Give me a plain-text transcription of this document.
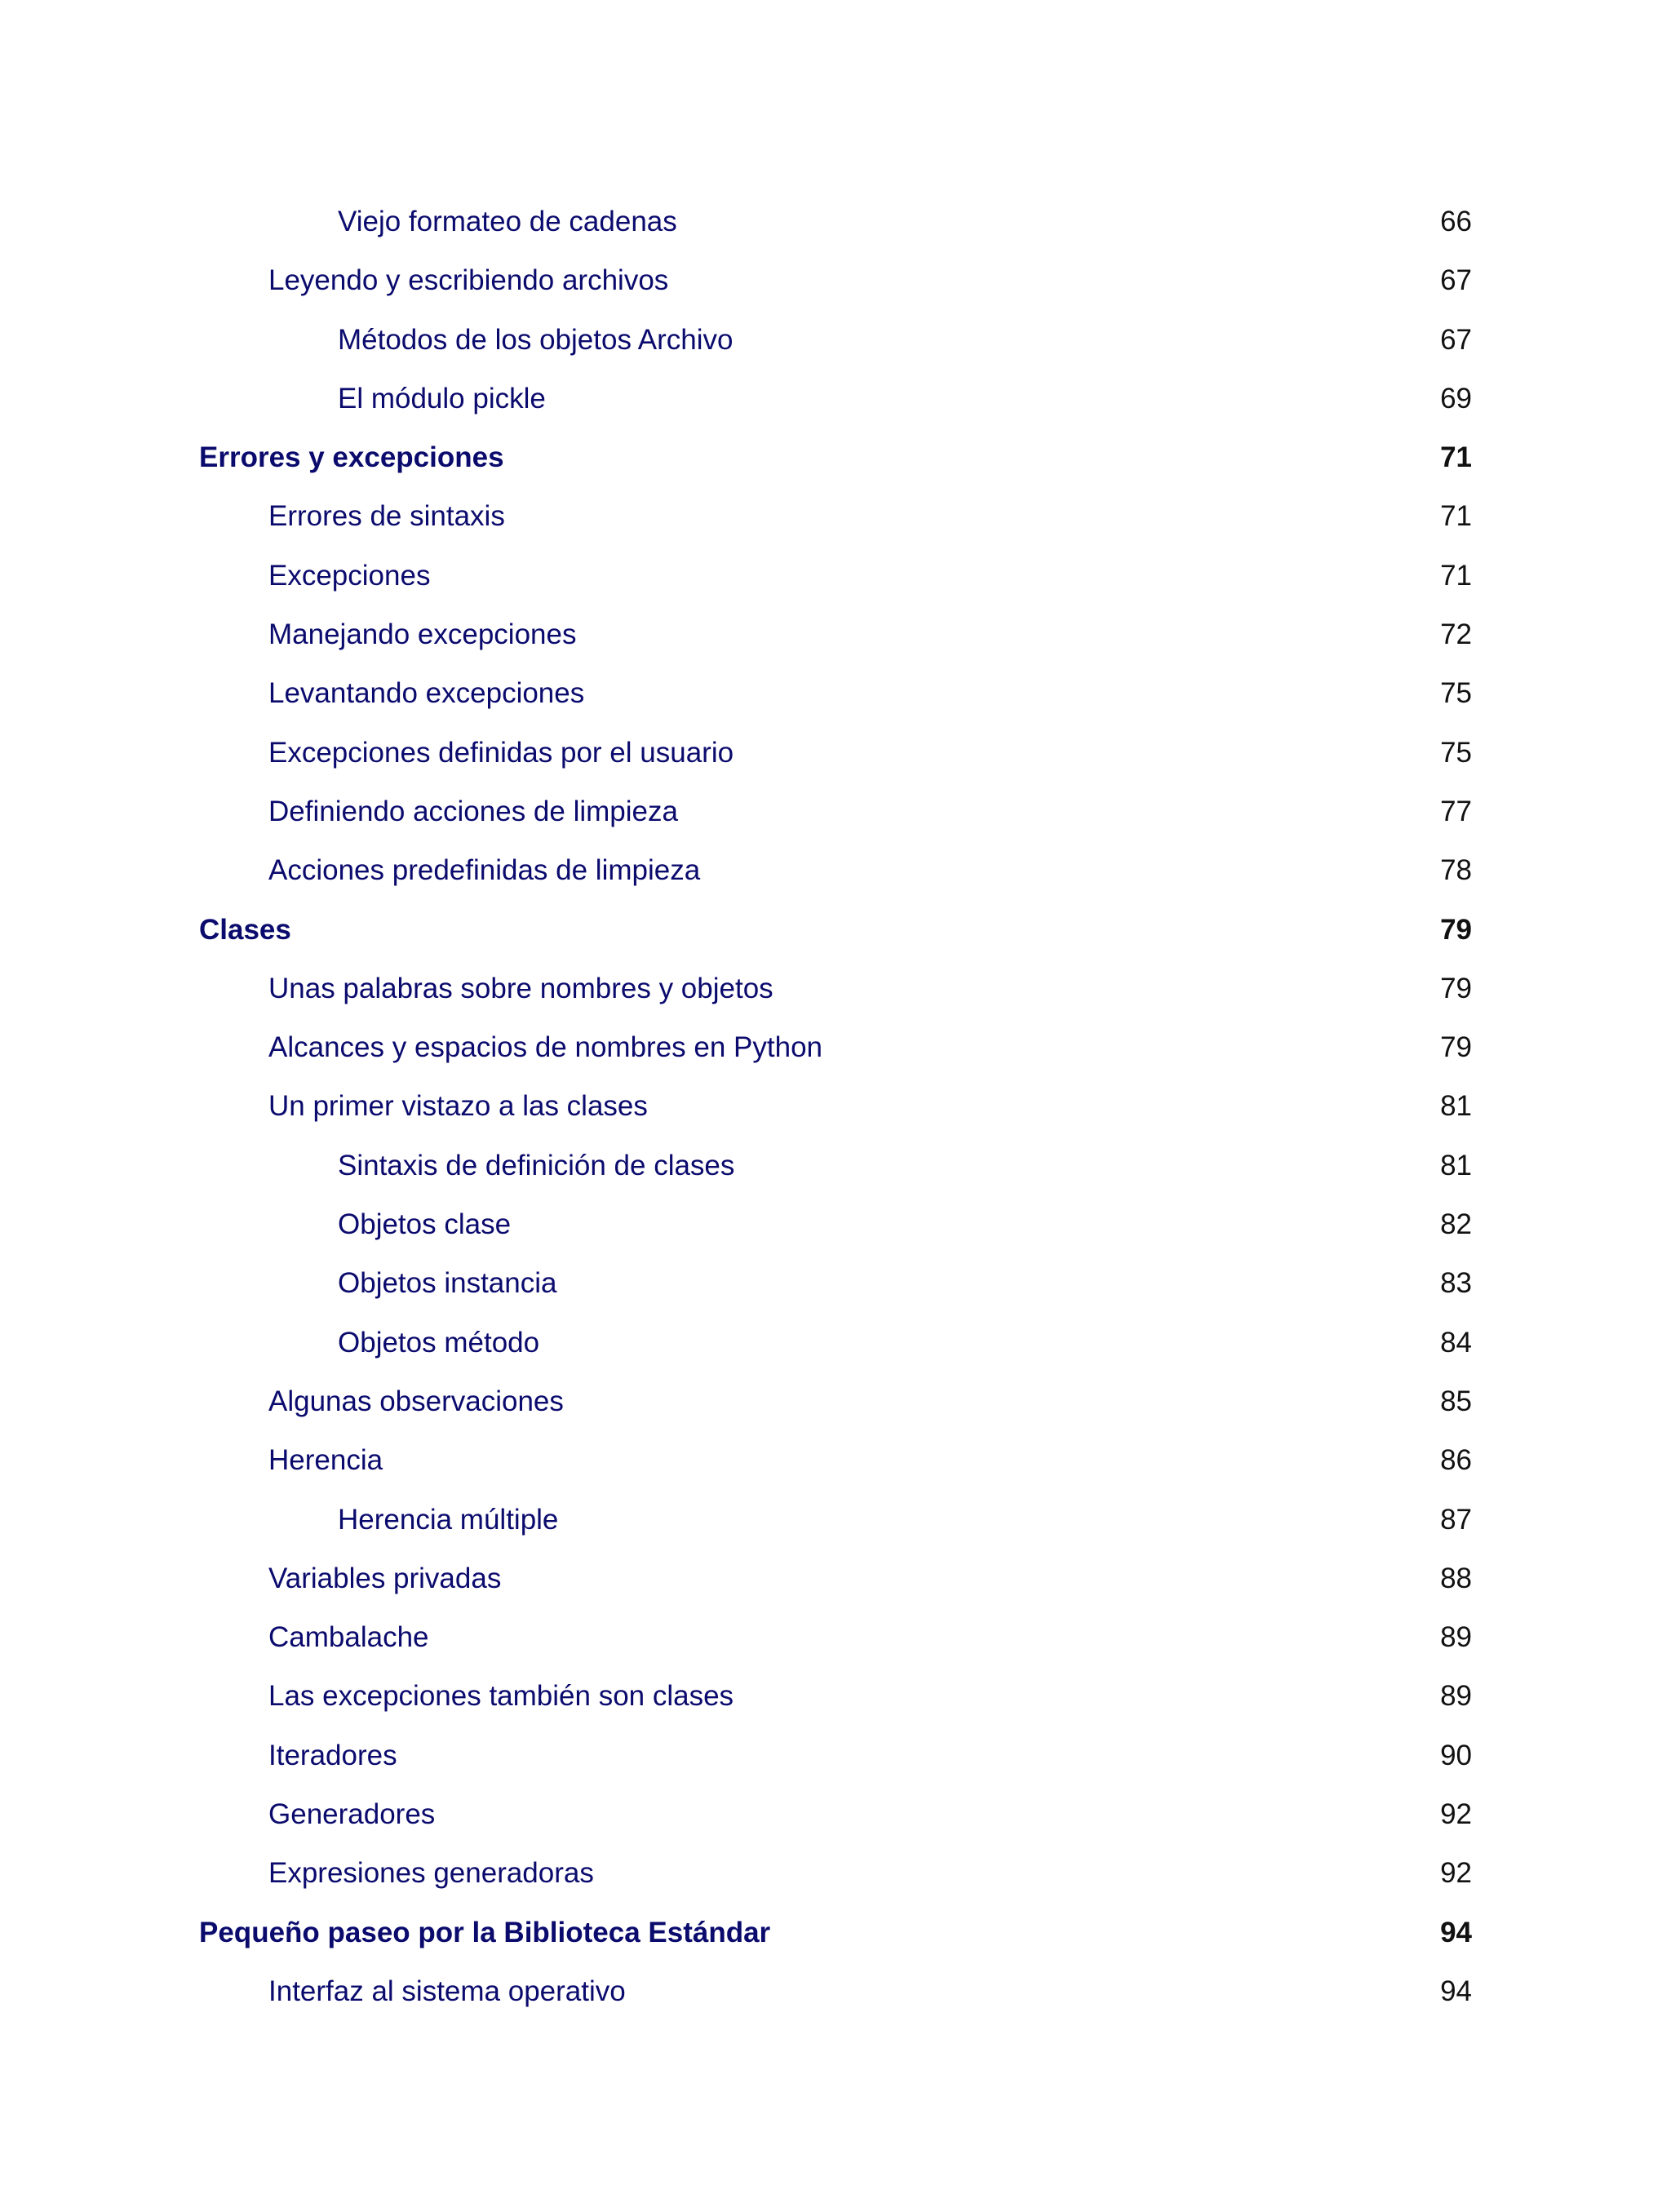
Viejo formateo de cadenas	66
Leyendo y escribiendo archivos	67
Métodos de los objetos Archivo	67
El módulo pickle	69
Errores y excepciones	71
Errores de sintaxis	71
Excepciones	71
Manejando excepciones	72
Levantando excepciones	75
Excepciones definidas por el usuario	75
Definiendo acciones de limpieza	77
Acciones predefinidas de limpieza	78
Clases	79
Unas palabras sobre nombres y objetos	79
Alcances y espacios de nombres en Python	79
Un primer vistazo a las clases	81
Sintaxis de definición de clases	81
Objetos clase	82
Objetos instancia	83
Objetos método	84
Algunas observaciones	85
Herencia	86
Herencia múltiple	87
Variables privadas	88
Cambalache	89
Las excepciones también son clases	89
Iteradores	90
Generadores	92
Expresiones generadoras	92
Pequeño paseo por la Biblioteca Estándar	94
Interfaz al sistema operativo	94
